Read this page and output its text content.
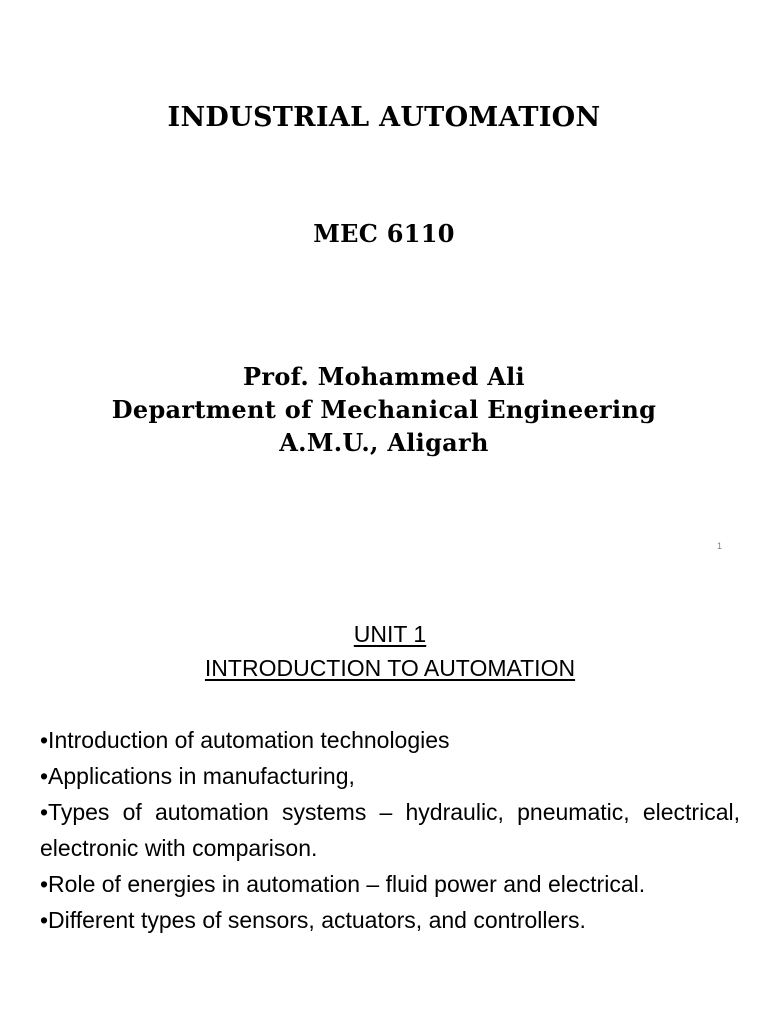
INDUSTRIAL AUTOMATION
MEC 6110
Prof. Mohammed Ali
Department of Mechanical Engineering
A.M.U., Aligarh
1
UNIT 1
INTRODUCTION TO AUTOMATION
•Introduction of automation technologies
•Applications in manufacturing,
•Types of automation systems – hydraulic, pneumatic, electrical, electronic with comparison.
•Role of energies in automation – fluid power and electrical.
•Different types of sensors, actuators, and controllers.
